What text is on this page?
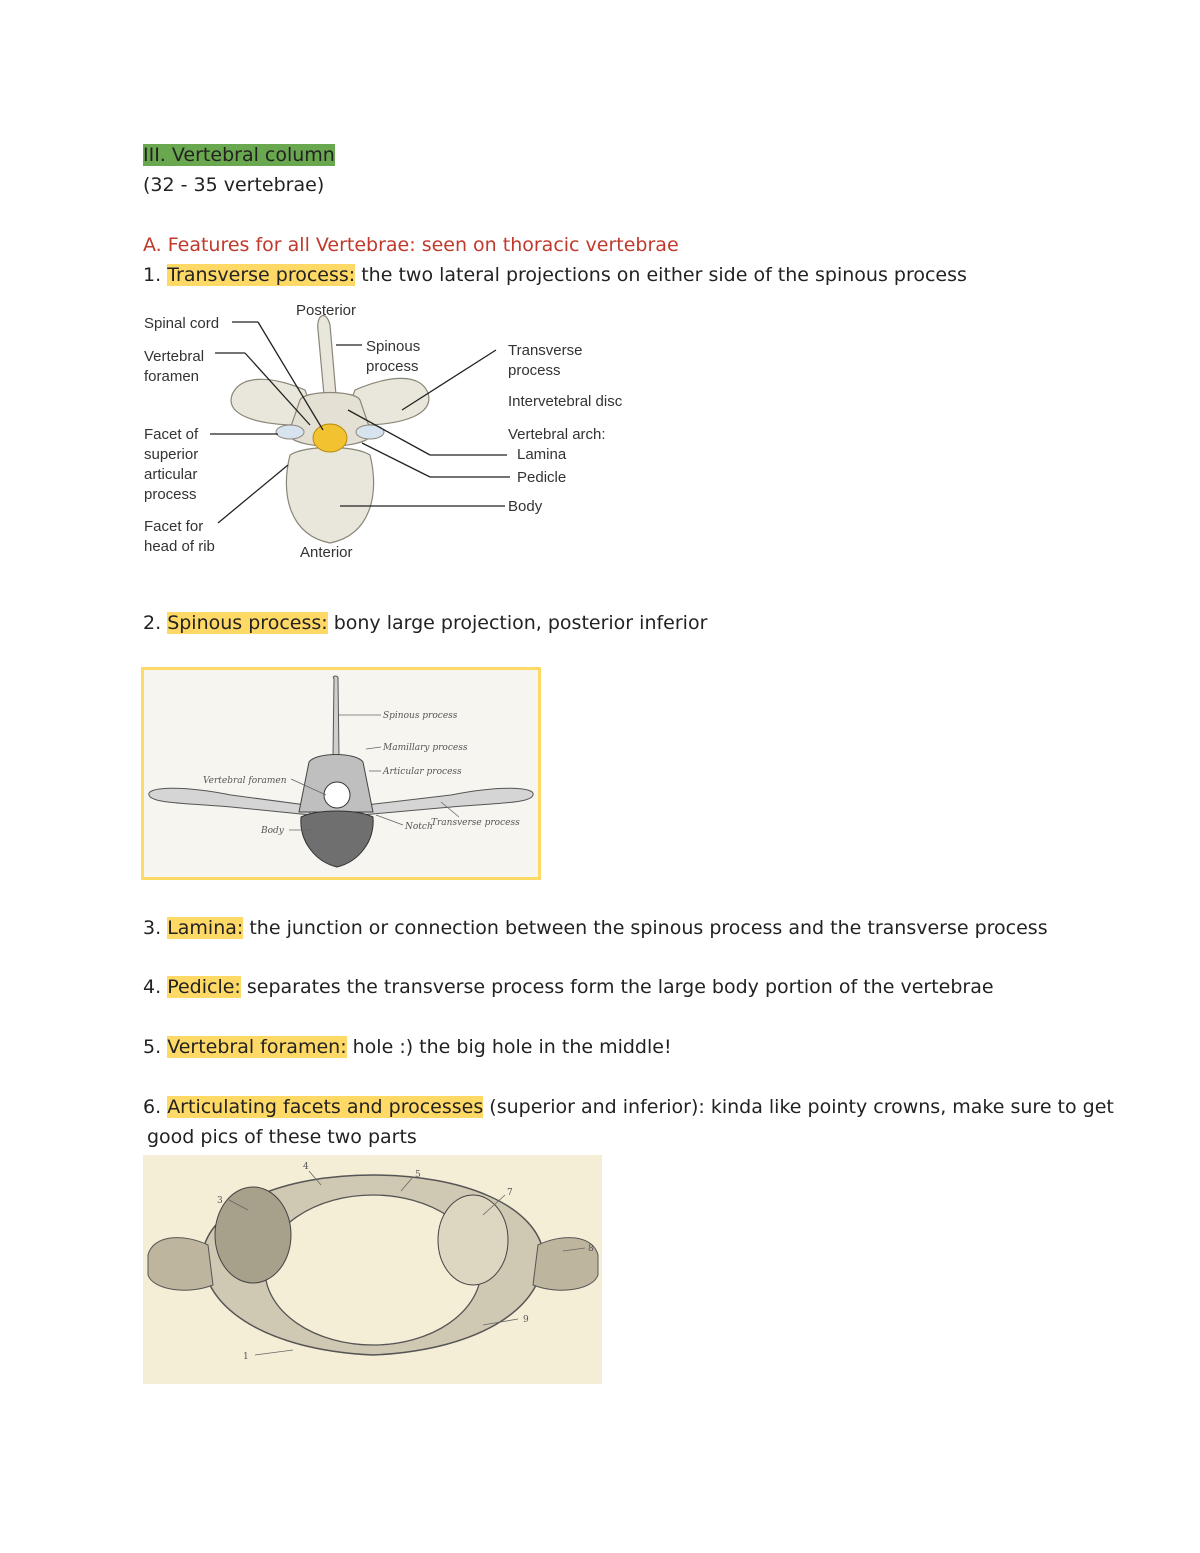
III. Vertebral column
(32 - 35 vertebrae)
A. Features for all Vertebrae: seen on thoracic vertebrae
1. Transverse process: the two lateral projections on either side of the spinous process
Posterior
Spinal cord
Vertebral
foramen
Facet of
superior
articular
process
Facet for
head of rib	Anterior
Spinous
process
Transverse
process
Intervetebral disc
Vertebral arch:
Lamina
Pedicle
Body
2. Spinous process: bony large projection, posterior inferior
Spinous process
Mamillary process
Articular process
Vertebral foramen
Body	Notch
Transverse process
3. Lamina: the junction or connection between the spinous process and the transverse process
4. Pedicle: separates the transverse process form the large body portion of the vertebrae
5. Vertebral foramen: hole :) the big hole in the middle!
6. Articulating facets and processes (superior and inferior): kinda like pointy crowns, make sure to get
good pics of these two parts
1
3
4
5
7
8
9
